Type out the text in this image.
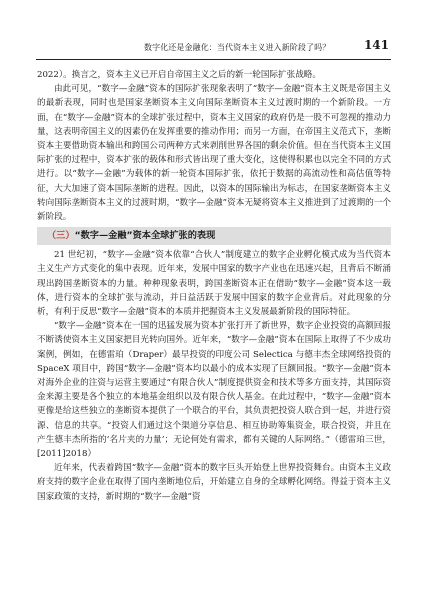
数字化还是金融化：当代资本主义进入新阶段了吗？	141

2022）。换言之，资本主义已开启自帝国主义之后的新一轮国际扩张战略。

由此可见，“数字—金融”资本的国际扩张现象表明了“数字—金融”资本主义既是帝国主义的最新表现，同时也是国家垄断资本主义向国际垄断资本主义过渡时期的一个新阶段。一方面，在“数字—金融”资本的全球扩张过程中，资本主义国家的政府仍是一股不可忽视的推动力量，这表明帝国主义的因素仍在发挥重要的推动作用；而另一方面，在帝国主义范式下，垄断资本主要借助资本输出和跨国公司两种方式来剥削世界各国的剩余价值。但在当代资本主义国际扩张的过程中，资本扩张的载体和形式皆出现了重大变化，这使得积累也以完全不同的方式进行。以“数字—金融”为载体的新一轮资本国际扩张，依托于数据的高流动性和高估值等特征，大大加速了资本国际垄断的进程。因此，以资本的国际输出为标志，在国家垄断资本主义转向国际垄断资本主义的过渡时期，“数字—金融”资本无疑将资本主义推进到了过渡期的一个新阶段。

（三）“数字—金融”资本全球扩张的表现

21 世纪初，“数字—金融”资本依靠“合伙人”制度建立的数字企业孵化模式成为当代资本主义生产方式变化的集中表现。近年来，发展中国家的数字产业也在迅速兴起，且背后不断涌现出跨国垄断资本的力量。种种现象表明，跨国垄断资本正在借助“数字—金融”资本这一载体，进行资本的全球扩张与流动，并日益活跃于发展中国家的数字企业背后。对此现象的分析，有利于反思“数字—金融”资本的本质并把握资本主义发展最新阶段的国际特征。

“数字—金融”资本在一国的迅猛发展为资本扩张打开了新世界，数字企业投资的高额回报不断诱使资本主义国家把目光转向国外。近年来，“数字—金融”资本在国际上取得了不少成功案例，例如，在德雷珀（Draper）最早投资的印度公司 Selectica 与德丰杰全球网络投资的 SpaceX 项目中，跨国“数字—金融”资本均以最小的成本实现了巨额回报。“数字—金融”资本对海外企业的注资与运营主要通过“有限合伙人”制度提供资金和技术等多方面支持，其国际资金来源主要是各个独立的本地基金组织以及有限合伙人基金。在此过程中，“数字—金融”资本更像是给这些独立的垄断资本提供了一个联合的平台，其负责把投资人联合到一起，并进行资源、信息的共享。“投资人们通过这个渠道分享信息、相互协助筹集资金，联合投资，并且在产生德丰杰所指的‘名片夹的力量’；无论何处有需求，都有关键的人际网络。”（德雷珀三世，[2011]2018）

近年来，代表着跨国“数字—金融”资本的数字巨头开始登上世界投资舞台。由资本主义政府支持的数字企业在取得了国内垄断地位后，开始建立自身的全球孵化网络。得益于资本主义国家政策的支持，新时期的“数字—金融”资
